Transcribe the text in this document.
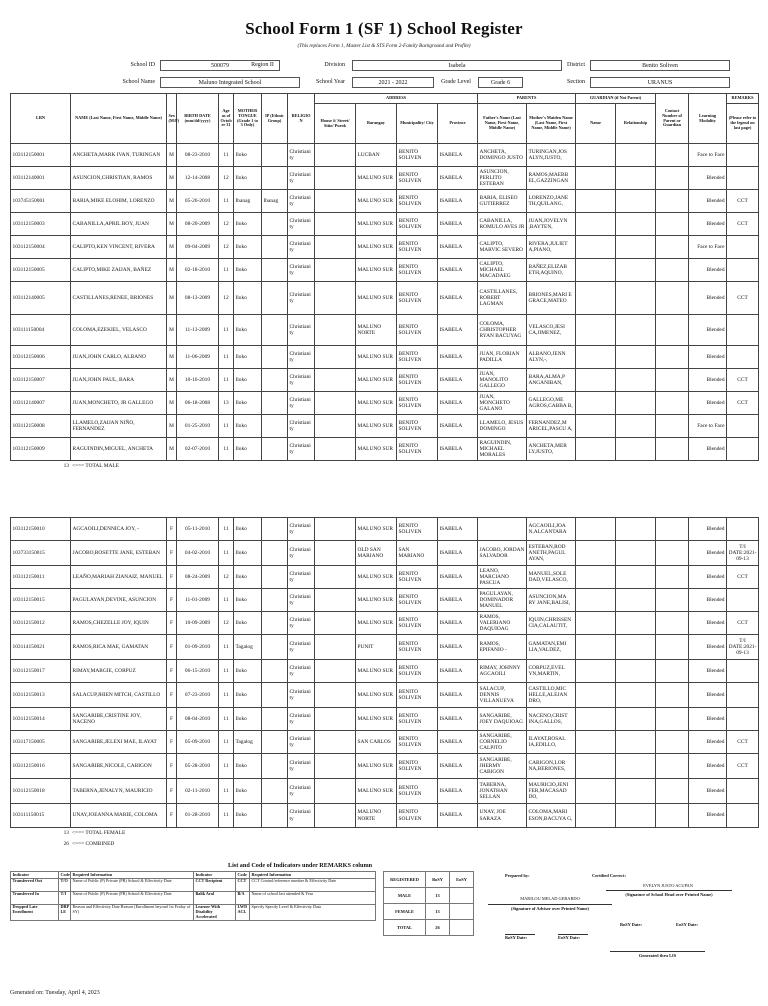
School Form 1 (SF 1) School Register
(This replaces Form 1, Master List & STS Form 2-Family Background and Profile)
School ID	500079	Region II	Division	Isabela	District	Benito Soliven
School Name	Maluno Integrated School	School Year	2021 - 2022	Grade Level	Grade 6	Section	URANUS
LRN	NAME (Last Name, First Name, Middle Name)	Sex (M/F)	BIRTH DATE (mm/dd/yyyy)	Age as of Octob er 31	MOTHER TONGUE (Grade 1 to 3 Only)	IP (Ethnic Group)	RELIGIO N	ADDRESS				PARENTS		GUARDIAN (if Not Parent)		Contact Number of Parent or Guardian	Learning Modality	REMARKS
								House #/ Street/ Sitio/ Purok	Barangay	Municipality/ City	Province	Father's Name (Last Name, First Name, Middle Name)	Mother's Maiden Name (Last Name, First Name, Middle Name)	Name	Relationship			(Please refer to the legend on last page)
103112150001	ANCHETA,MARK IVAN, TURINGAN	M	08-23-2010	11	Iloko		Christiani ty		LUCBAN	BENITO SOLIVEN	ISABELA	ANCHETA, DOMINGO JUSTO	TURINGAN,JOS ALYN,JUSTO,				Face to Face	
103112140001	ASUNCION,CHRISTIAN, RAMOS	M	12-14-2008	12	Iloko		Christiani ty		MALUNO SUR	BENITO SOLIVEN	ISABELA	ASUNCION, PERLITO ESTEBAN	RAMOS,MAEBB EL,GAZZINGAN				Blended	
103745150001	BARIA,MIKE ELOHIM, LORENZO	M	05-26-2010	11	Ibanag	Ibanag	Christiani ty		MALUNO SUR	BENITO SOLIVEN	ISABELA	BARIA, ELISEO GUTIERREZ	LORENZO,JANE TH,QUILANG,				Blended	CCT
103112150003	CABANILLA,APRIL BOY, JUAN	M	08-20-2009	12	Iloko		Christiani ty		MALUNO SUR	BENITO SOLIVEN	ISABELA	CABANILLA, ROMULO AVES JR	JUAN,JOVELYN ,BAYTEN,				Blended	CCT
103112150004	CALIPTO,KEN VINCENT, RIVERA	M	09-04-2009	12	Iloko		Christiani ty		MALUNO SUR	BENITO SOLIVEN	ISABELA	CALIPTO, MARVIC SEVERO	RIVERA,JULIET A,PIANO,				Face to Face	
103112150005	CALIPTO,MIKE ZAIJAN, BAÑEZ	M	02-18-2010	11	Iloko		Christiani ty		MALUNO SUR	BENITO SOLIVEN	ISABELA	CALIPTO, MICHAEL MACADAEG	BAÑEZ,ELIZAB ETH,AQUINO,				Blended	
103112140005	CASTILLANES,RENEE, BRIONES	M	08-13-2009	12	Iloko		Christiani ty		MALUNO SUR	BENITO SOLIVEN	ISABELA	CASTILLANES, ROBERT LAGMAN	BRIONES,MARI E GRACE,MATEO				Blended	CCT
103111150004	COLOMA,EZEKIEL, VELASCO	M	11-13-2009	11	Iloko		Christiani ty		MALUNO NORTE	BENITO SOLIVEN	ISABELA	COLOMA, CHRISTOPHER RYAN BACUYAG	VELASCO,JESI CA,JIMENEZ,				Blended	
103112150006	JUAN,JOHN CARLO, ALBANO	M	11-06-2009	11	Iloko		Christiani ty		MALUNO SUR	BENITO SOLIVEN	ISABELA	JUAN, FLORIAN PADILLA	ALBANO,JENN ALYN,-,				Blended	
103112150007	JUAN,JOHN PAUL, BARA	M	10-16-2010	11	Iloko		Christiani ty		MALUNO SUR	BENITO SOLIVEN	ISABELA	JUAN, MANOLITO GALLEGO	BARA,ALMA,P ANGANIBAN,				Blended	CCT
103112140007	JUAN,MONCHETO, JR GALLEGO	M	06-18-2008	13	Iloko		Christiani ty		MALUNO SUR	BENITO SOLIVEN	ISABELA	JUAN, MONCHETO GALANO	GALLEGO,ME AGROS,CABBA B,				Blended	CCT
103112150008	LLAMELO,ZAIJAN NIÑO, FERNANDEZ	M	01-25-2010	11	Iloko		Christiani ty		MALUNO SUR	BENITO SOLIVEN	ISABELA	LLAMELO, JESUS DOMINGO	FERNANDEZ,M ARICEL,PASCU A,				Face to Face	
103112150009	RAGUINDIN,MIGUEL, ANCHETA	M	02-07-2010	11	Iloko		Christiani ty		MALUNO SUR	BENITO SOLIVEN	ISABELA	RAGUINDIN, MICHAEL MORALES	ANCHETA,MER LY,JUSTO,				Blended	
13	<=== TOTAL MALE																	
103112150010	AGCAOILI,DENNICA JOY, -	F	05-11-2010	11	Iloko		Christiani ty		MALUNO SUR	BENITO SOLIVEN	ISABELA		AGCAOILI,JOA N,ALCANTARA				Blended	
103733150015	JACOBO,ROSETTE JANE, ESTEBAN	F	04-02-2010	11	Iloko		Christiani ty		OLD SAN MARIANO	SAN MARIANO	ISABELA	JACOBO, JORDAN SALVADOR	ESTEBAN,ROD ANETH,PAGUL AYAN,				Blended	T/I DATE:2021-09-13
103112150011	LEAÑO,MARIAH ZIANAIZ, MANUEL	F	08-24-2009	12	Iloko		Christiani ty		MALUNO SUR	BENITO SOLIVEN	ISABELA	LEANO, MARCIANO PASCUA	MANUEL,SOLE DAD,VELASCO,				Blended	CCT
103112150015	PAGULAYAN,DEVINE, ASUNCION	F	11-01-2009	11	Iloko		Christiani ty		MALUNO SUR	BENITO SOLIVEN	ISABELA	PAGULAYAN, DOMINADOR MANUEL	ASUNCION,MA RY JANE,BALISI,				Blended	
103112150012	RAMOS,CHEZELLE JOY, IQUIN	F	10-09-2009	12	Iloko		Christiani ty		MALUNO SUR	BENITO SOLIVEN	ISABELA	RAMOS, VALERIANO DAQUIOAG	IQUIN,CHRISSEN CIA,CALAUTIT,				Blended	CCT
103114150021	RAMOS,RICA MAE, GAMATAN	F	01-09-2010	11	Tagalog		Christiani ty		PUNIT	BENITO SOLIVEN	ISABELA	RAMOS, EPIFANIO -	GAMATAN,EMI LIA,VALDEZ,				Blended	T/I DATE:2021-09-13
103112150017	RIMAY,MARGIE, CORPUZ	F	06-15-2010	11	Iloko		Christiani ty		MALUNO SUR	BENITO SOLIVEN	ISABELA	RIMAY, JOHNNY AGCAOILI	CORPUZ,EVEL YN,MARTIN,				Blended	
103112150013	SALACUP,JHIEN MITCH, CASTILLO	F	07-23-2010	11	Iloko		Christiani ty		MALUNO SUR	BENITO SOLIVEN	ISABELA	SALACUP, DENNIS VILLANUEVA	CASTILLO,MIC HELLE,ALEJAN DRO,				Blended	
103112150014	SANGARIBE,CRISTINE JOY, NACENO	F	08-04-2010	11	Iloko		Christiani ty		MALUNO SUR	BENITO SOLIVEN	ISABELA	SANGARIBE, JOEY DAQUIOAG	NACENO,CRIST INA,GALLOS,				Blended	
103117150005	SANGARIBE,JELEXI MAE, ILAYAT	F	05-09-2010	11	Tagalog		Christiani ty		SAN CARLOS	BENITO SOLIVEN	ISABELA	SANGARIBE, CORNELIO CALPITO	ILAYAT,ROSAL IA,EDILLO,				Blended	CCT
103112150016	SANGARIBE,NICOLE, CABIGON	F	05-28-2010	11	Iloko		Christiani ty		MALUNO SUR	BENITO SOLIVEN	ISABELA	SANGARIBE, JHERMY CABIGON	CABIGON,LOR NA,BERIONES,				Blended	CCT
103112150018	TABERNA,JENALYN, MAURICIO	F	02-11-2010	11	Iloko		Christiani ty		MALUNO SUR	BENITO SOLIVEN	ISABELA	TABERNA, JONATHAN SELLAN	MAURICIO,JENI FER,MACASAD DO,				Blended	
103111150015	UNAY,JOEANNA MARIE, COLOMA	F	01-28-2010	11	Iloko		Christiani ty		MALUNO NORTE	BENITO SOLIVEN	ISABELA	UNAY, JOE SARAZA	COLOMA,MARI ESON,BACUYA G,				Blended	
13	<=== TOTAL FEMALE																	
26	<=== COMBINED																	
List and Code of Indicators under REMARKS column
Indicator	Code	Required Information	Indicator	Code	Required Information
Transferred Out	T/O	Name of Public (P) Private (PR) School & Effectivity Date	CCT Recipient	CCT	CCT Control/reference number & Effectivity Date
Transferred In	T/I	Name of Public (P) Private (PR) School & Effectivity Date	Balik Aral	B/A	Name of school last attended & Year
Dropped Late Enrollment	DRP LE	Reason and Effectivity Date Reason (Enrollment beyond 1st Friday of SY)	Learner With Disability Accelerated	LWD ACL	Specify Specify Level & Effectivity Data
REGISTERED	BoSY	EoSY
MALE	13	
FEMALE	13	
TOTAL	26	
Prepared by:
MARILOU MELAD GERARDO
(Signature of Adviser over Printed Name)
BoSY Date:	EoSY Date:
Certified Correct:
EVELYN JUSTO ACUPAN
(Signature of School Head over Printed Name)
BoSY Date:	EoSY Date:
Generated thru LIS
Generated on: Tuesday, April 4, 2023
